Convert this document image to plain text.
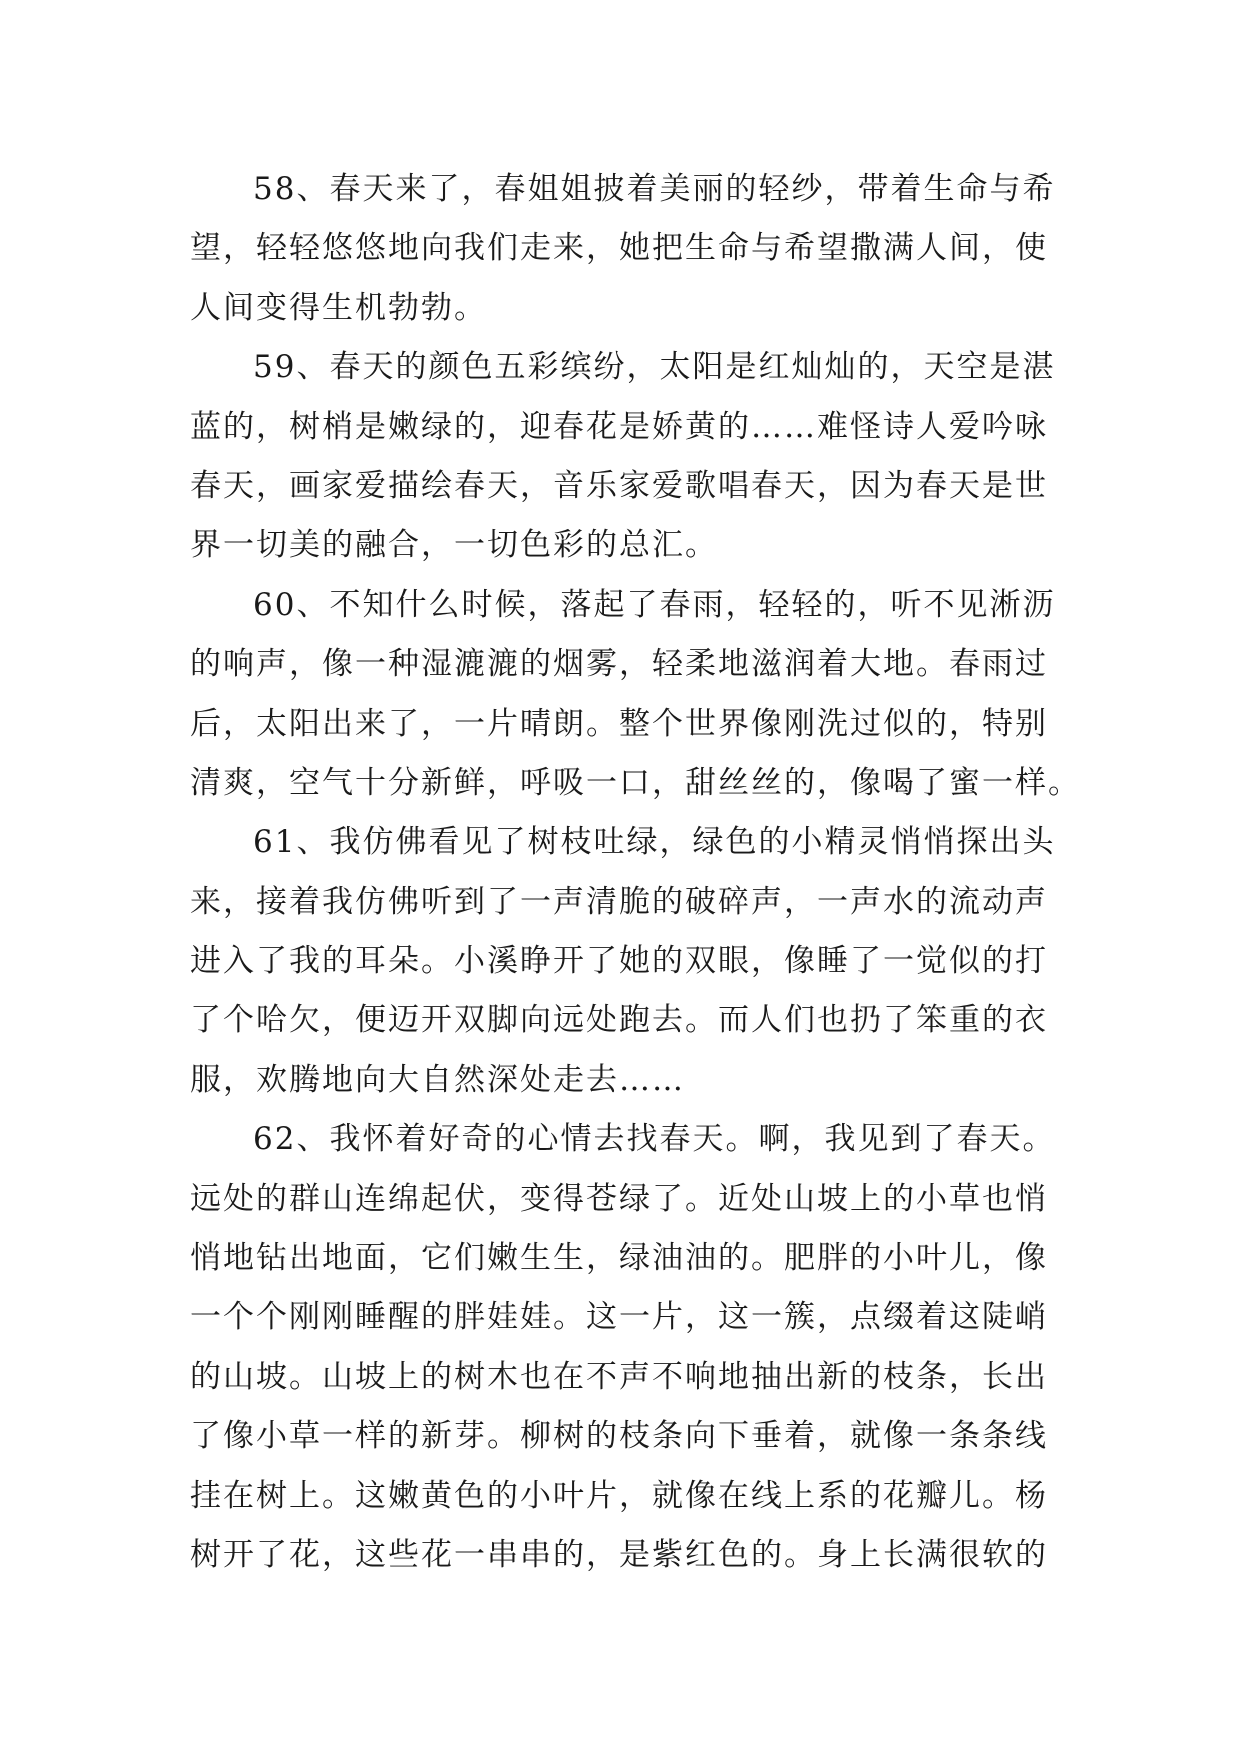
58、春天来了，春姐姐披着美丽的轻纱，带着生命与希
望，轻轻悠悠地向我们走来，她把生命与希望撒满人间，使
人间变得生机勃勃。
59、春天的颜色五彩缤纷，太阳是红灿灿的，天空是湛
蓝的，树梢是嫩绿的，迎春花是娇黄的……难怪诗人爱吟咏
春天，画家爱描绘春天，音乐家爱歌唱春天，因为春天是世
界一切美的融合，一切色彩的总汇。
60、不知什么时候，落起了春雨，轻轻的，听不见淅沥
的响声，像一种湿漉漉的烟雾，轻柔地滋润着大地。春雨过
后，太阳出来了，一片晴朗。整个世界像刚洗过似的，特别
清爽，空气十分新鲜，呼吸一口，甜丝丝的，像喝了蜜一样。
61、我仿佛看见了树枝吐绿，绿色的小精灵悄悄探出头
来，接着我仿佛听到了一声清脆的破碎声，一声水的流动声
进入了我的耳朵。小溪睁开了她的双眼，像睡了一觉似的打
了个哈欠，便迈开双脚向远处跑去。而人们也扔了笨重的衣
服，欢腾地向大自然深处走去……
62、我怀着好奇的心情去找春天。啊，我见到了春天。
远处的群山连绵起伏，变得苍绿了。近处山坡上的小草也悄
悄地钻出地面，它们嫩生生，绿油油的。肥胖的小叶儿，像
一个个刚刚睡醒的胖娃娃。这一片，这一簇，点缀着这陡峭
的山坡。山坡上的树木也在不声不响地抽出新的枝条，长出
了像小草一样的新芽。柳树的枝条向下垂着，就像一条条线
挂在树上。这嫩黄色的小叶片，就像在线上系的花瓣儿。杨
树开了花，这些花一串串的，是紫红色的。身上长满很软的
